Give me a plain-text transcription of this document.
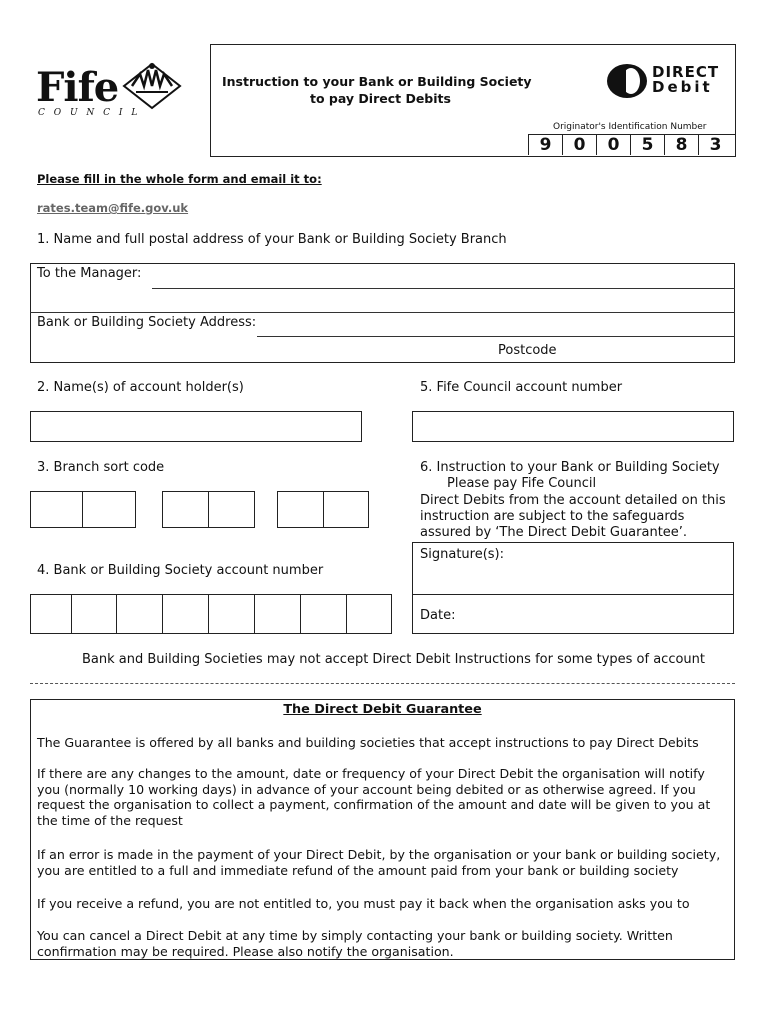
Fife
C O U N C I L
Instruction to your Bank or Building Society
to pay Direct Debits
DIRECT
Debit
Originator's Identification Number
9	0	0	5	8	3
Please fill in the whole form and email it to:
rates.team@fife.gov.uk
1. Name and full postal address of your Bank or Building Society Branch
To the Manager:
Bank or Building Society Address:
Postcode
2. Name(s) of account holder(s)	5. Fife Council account number
3. Branch sort code	6. Instruction to your Bank or Building Society
Please pay Fife Council
Direct Debits from the account detailed on this
instruction are subject to the safeguards
assured by ‘The Direct Debit Guarantee’.
Signature(s):
Date:
4. Bank or Building Society account number
Bank and Building Societies may not accept Direct Debit Instructions for some types of account
The Direct Debit Guarantee
The Guarantee is offered by all banks and building societies that accept instructions to pay Direct Debits
If there are any changes to the amount, date or frequency of your Direct Debit the organisation will notify you (normally 10 working days) in advance of your account being debited or as otherwise agreed. If you request the organisation to collect a payment, confirmation of the amount and date will be given to you at the time of the request
If an error is made in the payment of your Direct Debit, by the organisation or your bank or building society, you are entitled to a full and immediate refund of the amount paid from your bank or building society
If you receive a refund, you are not entitled to, you must pay it back when the organisation asks you to
You can cancel a Direct Debit at any time by simply contacting your bank or building society. Written confirmation may be required. Please also notify the organisation.
